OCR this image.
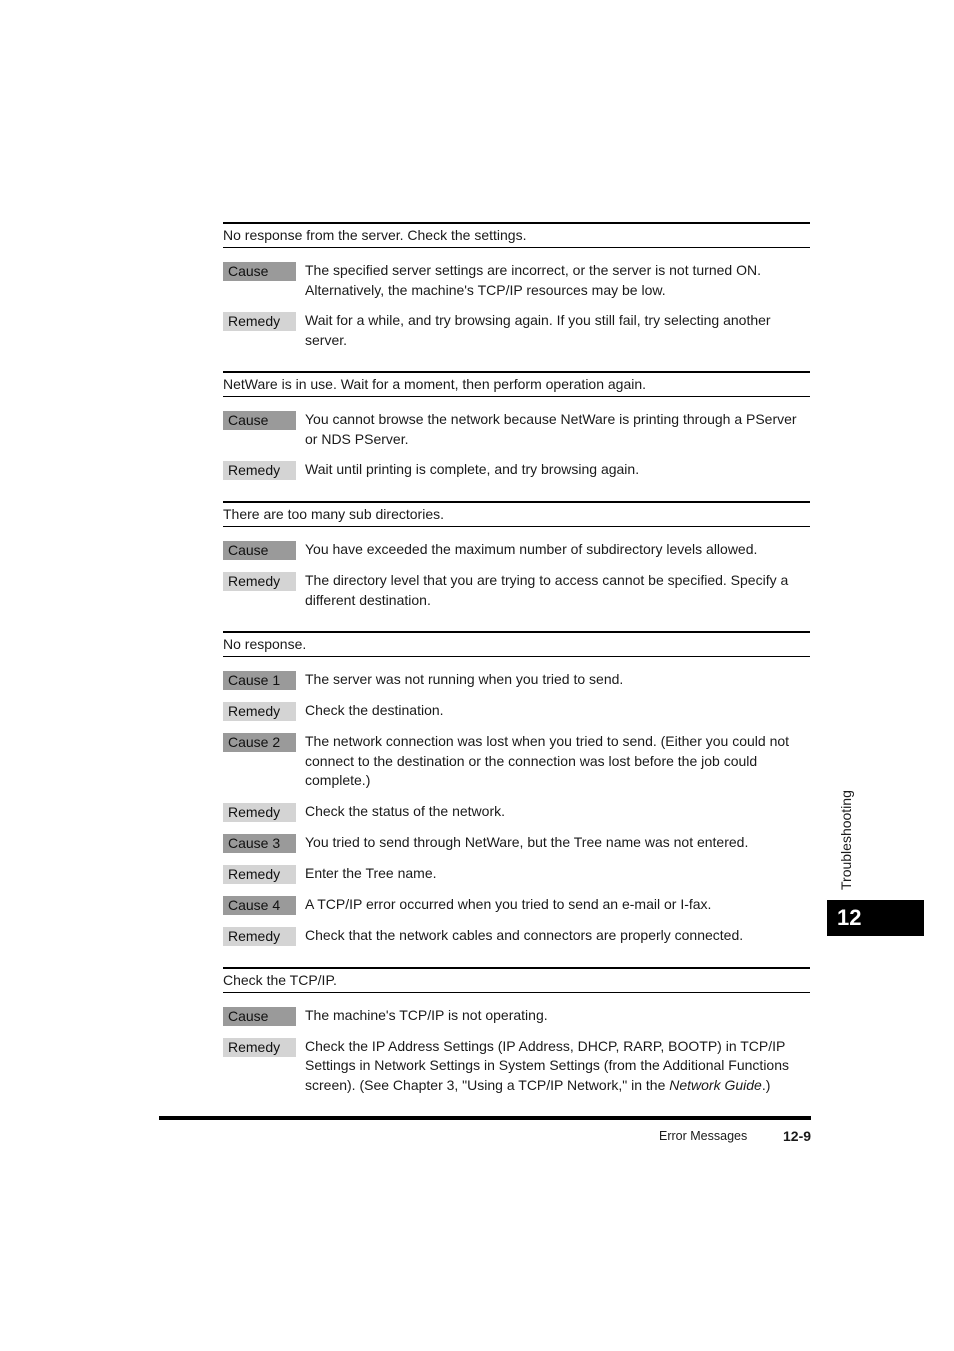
No response from the server. Check the settings.
Cause	The specified server settings are incorrect, or the server is not turned ON. Alternatively, the machine's TCP/IP resources may be low.
Remedy	Wait for a while, and try browsing again. If you still fail, try selecting another server.
NetWare is in use. Wait for a moment, then perform operation again.
Cause	You cannot browse the network because NetWare is printing through a PServer or NDS PServer.
Remedy	Wait until printing is complete, and try browsing again.
There are too many sub directories.
Cause	You have exceeded the maximum number of subdirectory levels allowed.
Remedy	The directory level that you are trying to access cannot be specified. Specify a different destination.
No response.
Cause 1	The server was not running when you tried to send.
Remedy	Check the destination.
Cause 2	The network connection was lost when you tried to send. (Either you could not connect to the destination or the connection was lost before the job could complete.)
Remedy	Check the status of the network.
Cause 3	You tried to send through NetWare, but the Tree name was not entered.
Remedy	Enter the Tree name.
Cause 4	A TCP/IP error occurred when you tried to send an e-mail or I-fax.
Remedy	Check that the network cables and connectors are properly connected.
Check the TCP/IP.
Cause	The machine's TCP/IP is not operating.
Remedy	Check the IP Address Settings (IP Address, DHCP, RARP, BOOTP) in TCP/IP Settings in Network Settings in System Settings (from the Additional Functions screen). (See Chapter 3, "Using a TCP/IP Network," in the Network Guide.)
Error Messages	12-9
Troubleshooting
12
